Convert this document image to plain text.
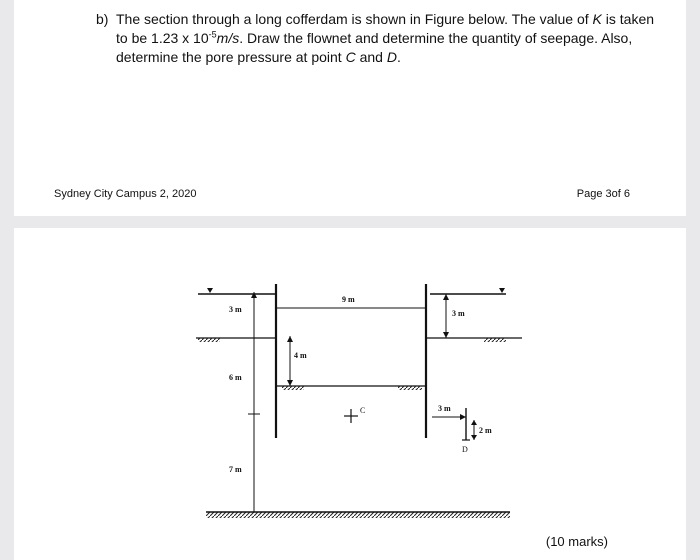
b) The section through a long cofferdam is shown in Figure below. The value of K is taken
to be 1.23 x $10^{-5}m/s$. Draw the flownet and determine the quantity of seepage. Also,
determine the pore pressure at point C and D.
Sydney City Campus 2, 2020	Page 3of 6
9 m
3 m
6 m
7 m
4 m
3 m
C	3 m
2 m
D
(10 marks)
